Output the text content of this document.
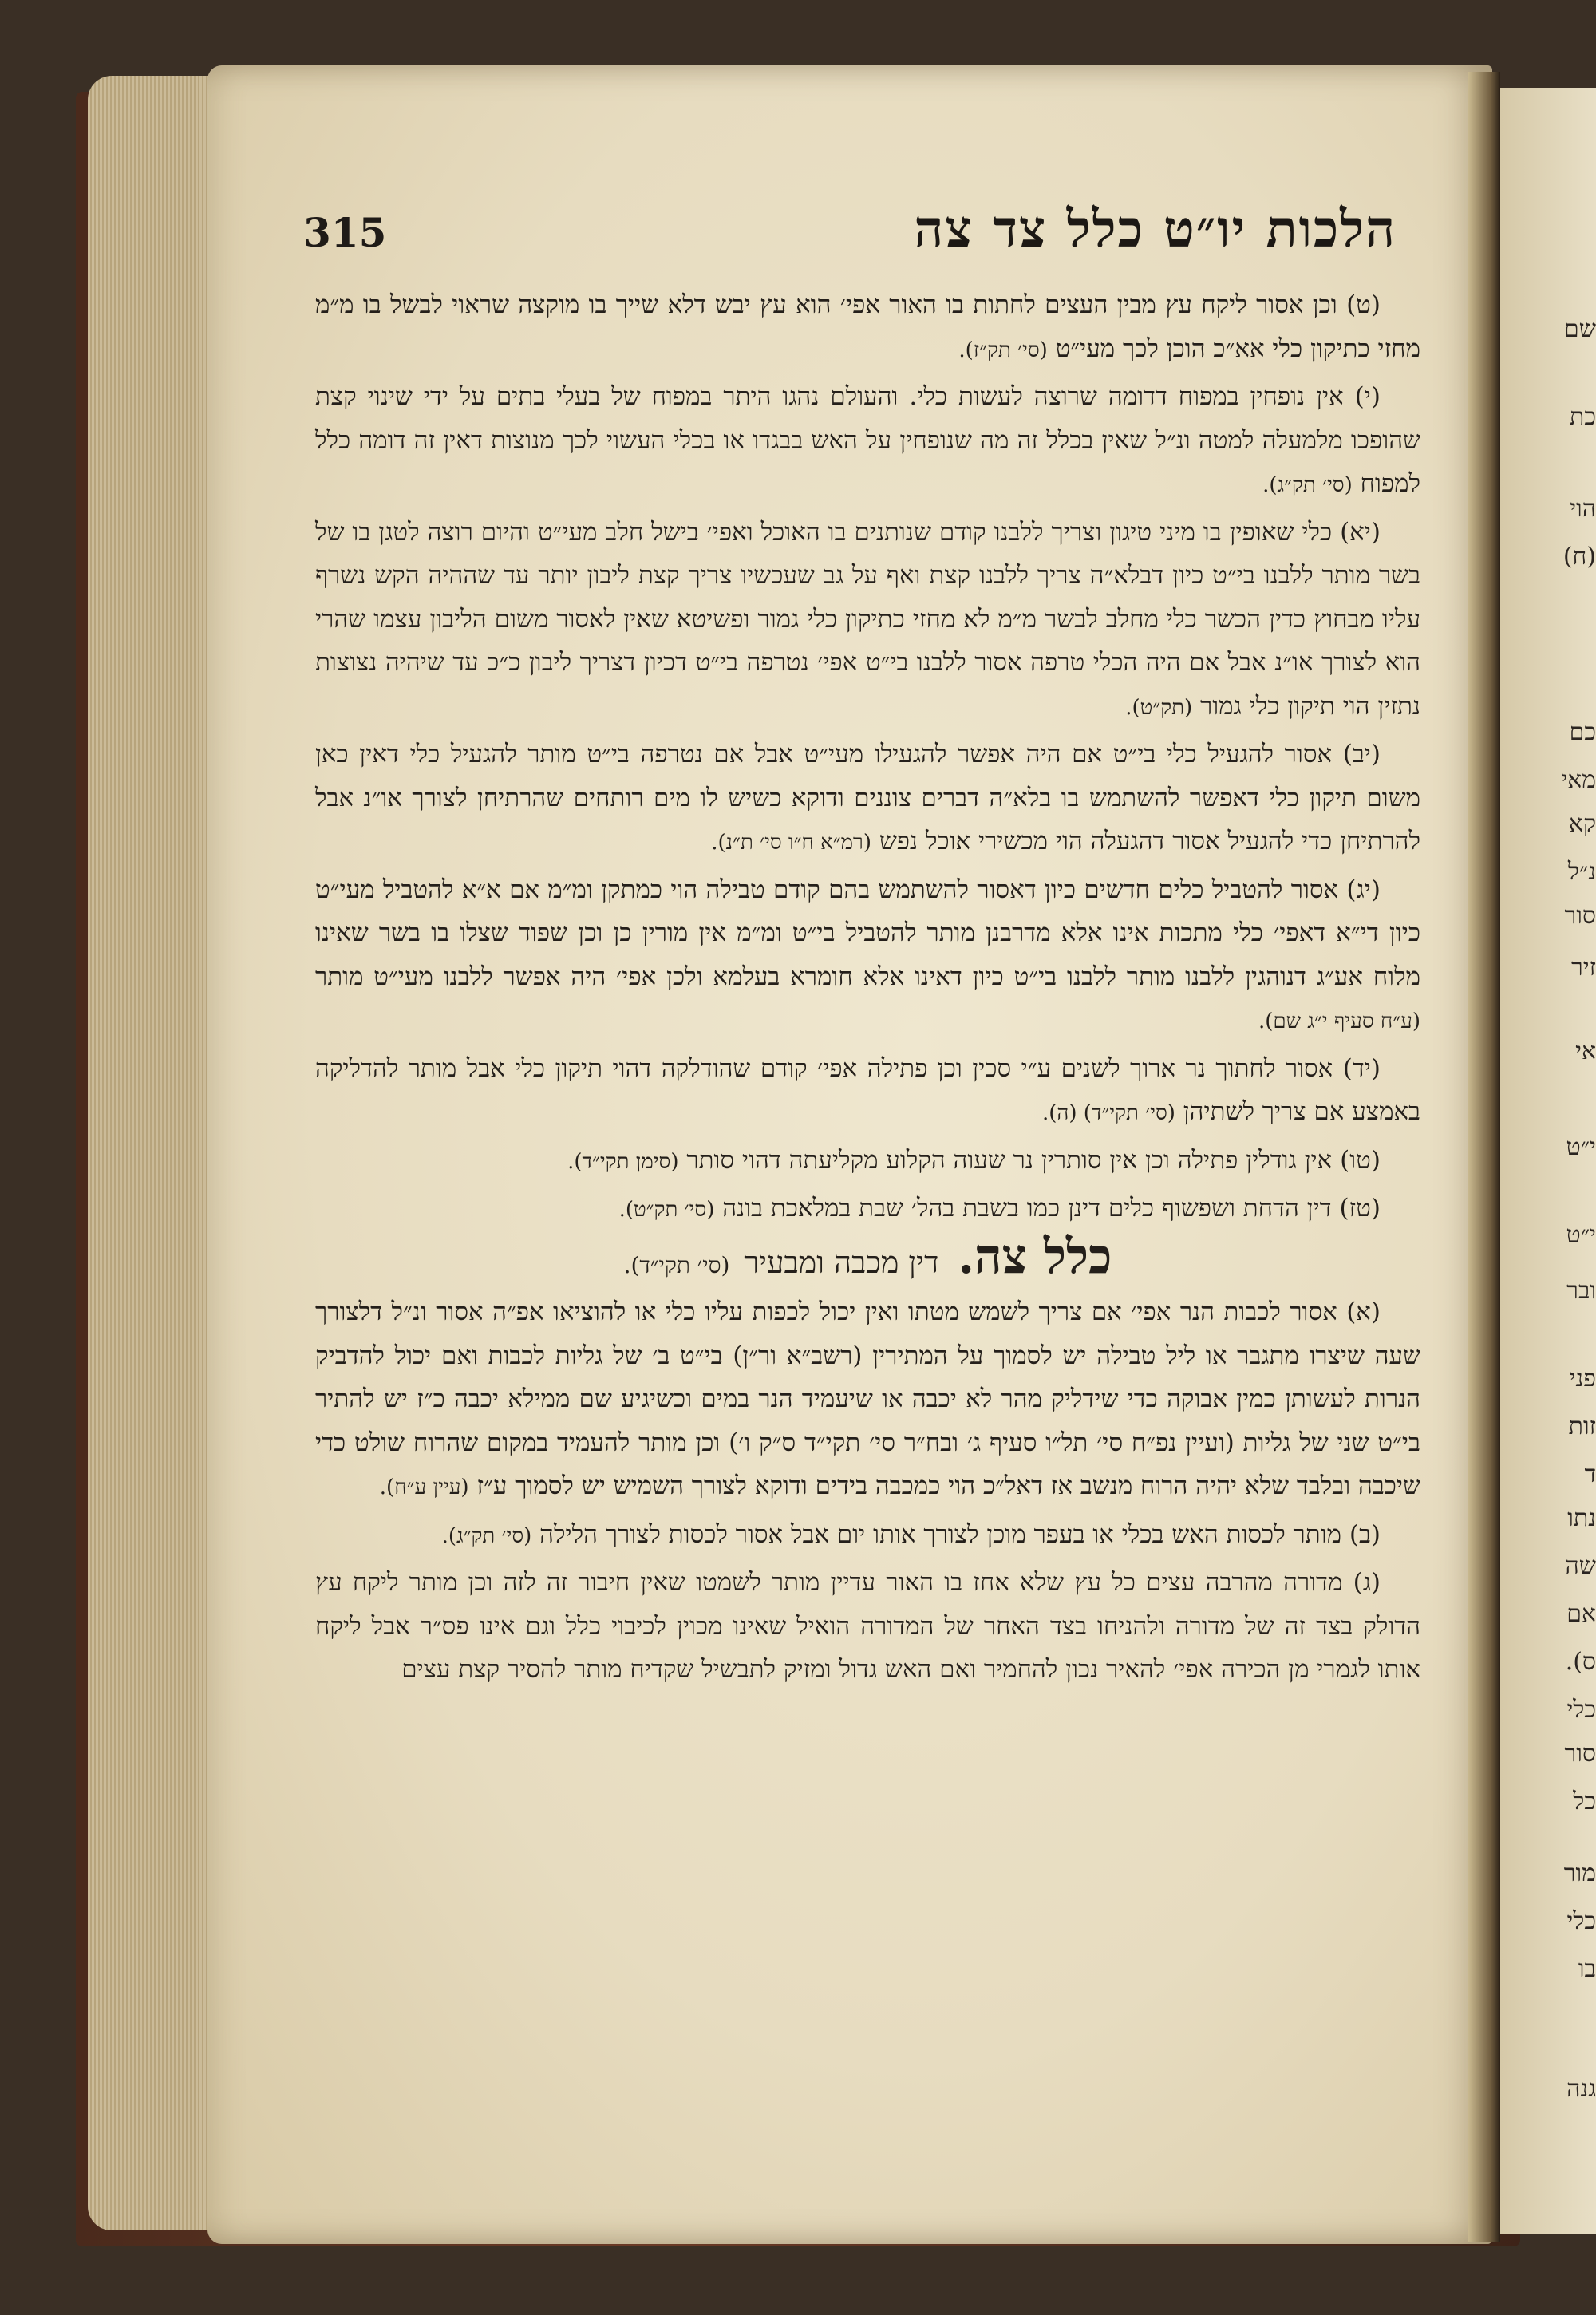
315	הלכות יו״ט כלל צד צה

(ט) וכן אסור ליקח עץ מבין העצים לחתות בו האור אפי׳ הוא עץ יבש דלא שייך בו מוקצה שראוי לבשל בו מ״מ מחזי כתיקון כלי אא״כ הוכן לכך מעי״ט (סי׳ תק״ז).

(י) אין נופחין במפוח דדומה שרוצה לעשות כלי. והעולם נהגו היתר במפוח של בעלי בתים על ידי שינוי קצת שהופכו מלמעלה למטה ונ״ל שאין בכלל זה מה שנופחין על האש בבגדו או בכלי העשוי לכך מנוצות דאין זה דומה כלל למפוח (סי׳ תק״ג).

(יא) כלי שאופין בו מיני טיגון וצריך ללבנו קודם שנותנים בו האוכל ואפי׳ בישל חלב מעי״ט והיום רוצה לטגן בו של בשר מותר ללבנו בי״ט כיון דבלא״ה צריך ללבנו קצת ואף על גב שעכשיו צריך קצת ליבון יותר עד שההיה הקש נשרף עליו מבחוץ כדין הכשר כלי מחלב לבשר מ״מ לא מחזי כתיקון כלי גמור ופשיטא שאין לאסור משום הליבון עצמו שהרי הוא לצורך או״נ אבל אם היה הכלי טרפה אסור ללבנו בי״ט אפי׳ נטרפה בי״ט דכיון דצריך ליבון כ״כ עד שיהיה נצוצות נתזין הוי תיקון כלי גמור (תק״ט).

(יב) אסור להגעיל כלי בי״ט אם היה אפשר להגעילו מעי״ט אבל אם נטרפה בי״ט מותר להגעיל כלי דאין כאן משום תיקון כלי דאפשר להשתמש בו בלא״ה דברים צוננים ודוקא כשיש לו מים רותחים שהרתיחן לצורך או״נ אבל להרתיחן כדי להגעיל אסור דהגעלה הוי מכשירי אוכל נפש (רמ״א ח״ו סי׳ ת״נ).

(יג) אסור להטביל כלים חדשים כיון דאסור להשתמש בהם קודם טבילה הוי כמתקן ומ״מ אם א״א להטביל מעי״ט כיון די״א דאפי׳ כלי מתכות אינו אלא מדרבנן מותר להטביל בי״ט ומ״מ אין מורין כן וכן שפוד שצלו בו בשר שאינו מלוח אע״ג דנוהגין ללבנו מותר ללבנו בי״ט כיון דאינו אלא חומרא בעלמא ולכן אפי׳ היה אפשר ללבנו מעי״ט מותר (ע״ח סעיף י״ג שם).

(יד) אסור לחתוך נר ארוך לשנים ע״י סכין וכן פתילה אפי׳ קודם שהודלקה דהוי תיקון כלי אבל מותר להדליקה באמצע אם צריך לשתיהן (סי׳ תקי״ד) (ה).

(טו) אין גודלין פתילה וכן אין סותרין נר שעוה הקלוע מקליעתה דהוי סותר (סימן תקי״ד).

(טז) דין הדחת ושפשוף כלים דינן כמו בשבת בהל׳ שבת במלאכת בונה (סי׳ תק״ט).

כלל צה. דין מכבה ומבעיר (סי׳ תקי״ד).

(א) אסור לכבות הנר אפי׳ אם צריך לשמש מטתו ואין יכול לכפות עליו כלי או להוציאו אפ״ה אסור ונ״ל דלצורך שעה שיצרו מתגבר או ליל טבילה יש לסמוך על המתירין (רשב״א ור״ן) בי״ט ב׳ של גליות לכבות ואם יכול להדביק הנרות לעשותן כמין אבוקה כדי שידליק מהר לא יכבה או שיעמיד הנר במים וכשיגיע שם ממילא יכבה כ״ז יש להתיר בי״ט שני של גליות (ועיין נפ״ח סי׳ תל״ו סעיף ג׳ ובח״ר סי׳ תקי״ד ס״ק ו׳) וכן מותר להעמיד במקום שהרוח שולט כדי שיכבה ובלבד שלא יהיה הרוח מנשב אז דאל״כ הוי כמכבה בידים ודוקא לצורך השמיש יש לסמוך ע״ז (עיין ע״ח).

(ב) מותר לכסות האש בכלי או בעפר מוכן לצורך אותו יום אבל אסור לכסות לצורך הלילה (סי׳ תק״ג).

(ג) מדורה מהרבה עצים כל עץ שלא אחז בו האור עדיין מותר לשמטו שאין חיבור זה לזה וכן מותר ליקח עץ הדולק בצד זה של מדורה ולהניחו בצד האחר של המדורה הואיל שאינו מכוין לכיבוי כלל וגם אינו פס״ר אבל ליקח אותו לגמרי מן הכירה אפי׳ להאיר נכון להחמיר ואם האש גדול ומזיק לתבשיל שקדיח מותר להסיר קצת עצים

שם
כת
הוי
(ח)
כם
מאי
קא
נ״ל
סור
זיר
אי
י״ט
י״ט
ובר
פני
זות
ד
נתו
שה
אם
ס).
כלי
סור
כל
מור
כלי
בו
גנה
